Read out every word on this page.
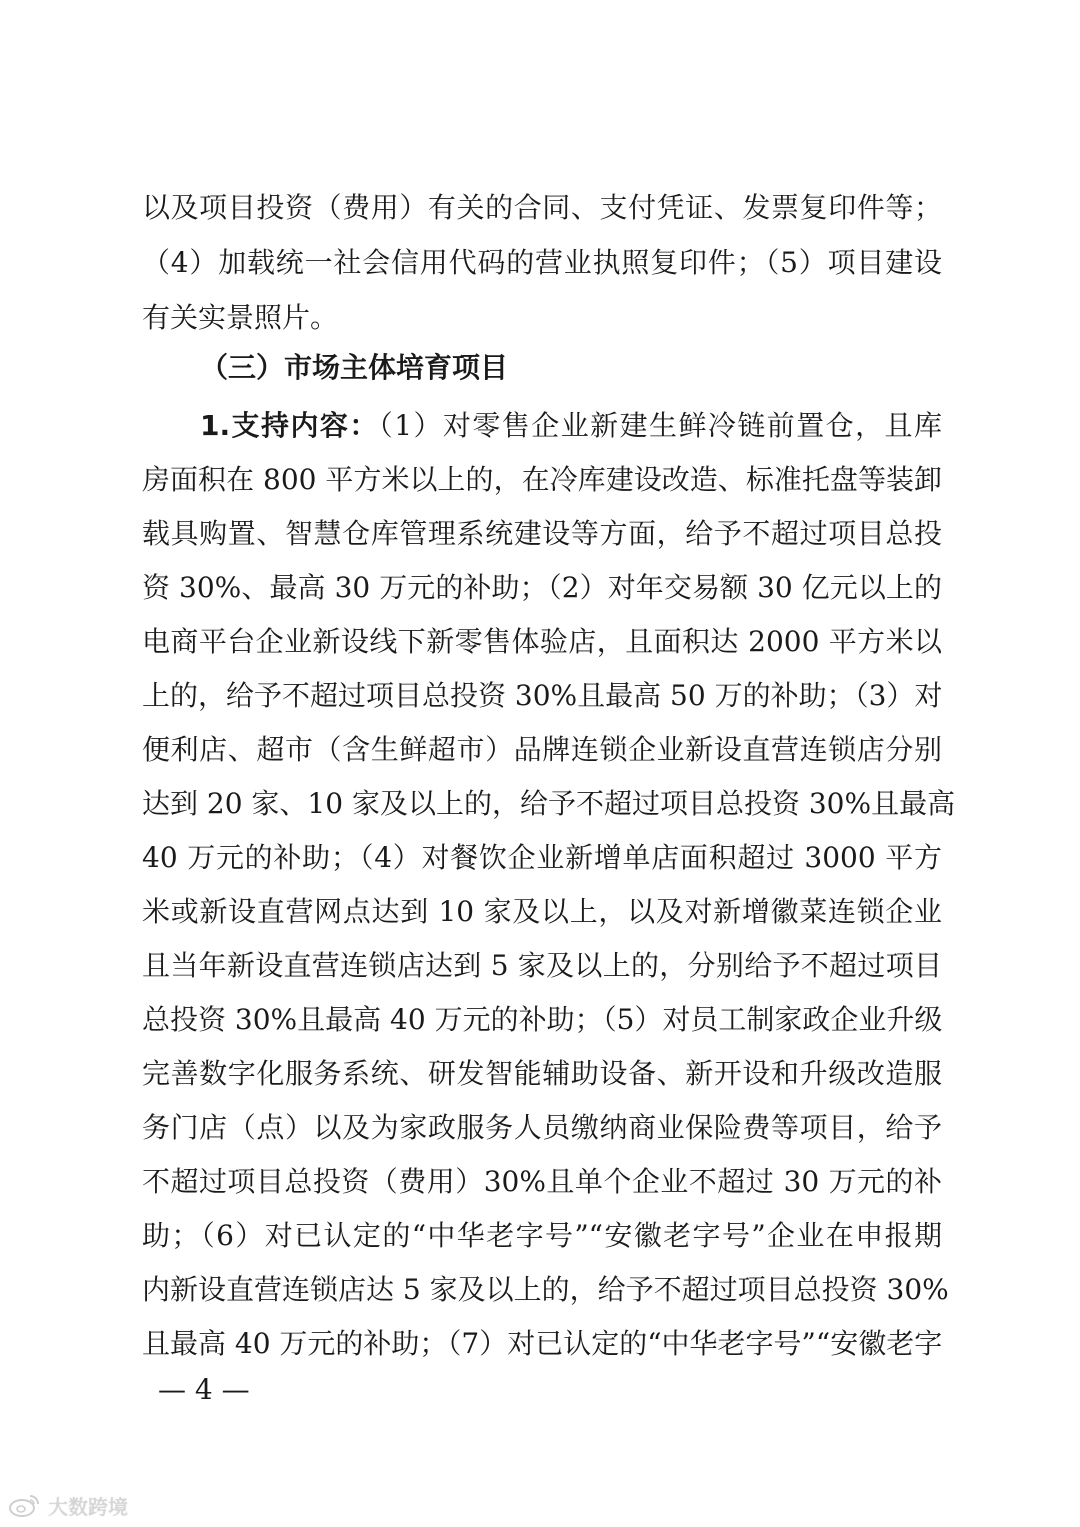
以及项目投资（费用）有关的合同、支付凭证、发票复印件等；
（4）加载统一社会信用代码的营业执照复印件；（5）项目建设
有关实景照片。
（三）市场主体培育项目
1.支持内容：（1）对零售企业新建生鲜冷链前置仓，且库
房面积在 800 平方米以上的，在冷库建设改造、标准托盘等装卸
载具购置、智慧仓库管理系统建设等方面，给予不超过项目总投
资 30%、最高 30 万元的补助；（2）对年交易额 30 亿元以上的
电商平台企业新设线下新零售体验店，且面积达 2000 平方米以
上的，给予不超过项目总投资 30%且最高 50 万的补助；（3）对
便利店、超市（含生鲜超市）品牌连锁企业新设直营连锁店分别
达到 20 家、10 家及以上的，给予不超过项目总投资 30%且最高
40 万元的补助；（4）对餐饮企业新增单店面积超过 3000 平方
米或新设直营网点达到 10 家及以上，以及对新增徽菜连锁企业
且当年新设直营连锁店达到 5 家及以上的，分别给予不超过项目
总投资 30%且最高 40 万元的补助；（5）对员工制家政企业升级
完善数字化服务系统、研发智能辅助设备、新开设和升级改造服
务门店（点）以及为家政服务人员缴纳商业保险费等项目，给予
不超过项目总投资（费用）30%且单个企业不超过 30 万元的补
助；（6）对已认定的“中华老字号”“安徽老字号”企业在申报期
内新设直营连锁店达 5 家及以上的，给予不超过项目总投资 30%
且最高 40 万元的补助；（7）对已认定的“中华老字号”“安徽老字
— 4 —
大数跨境
